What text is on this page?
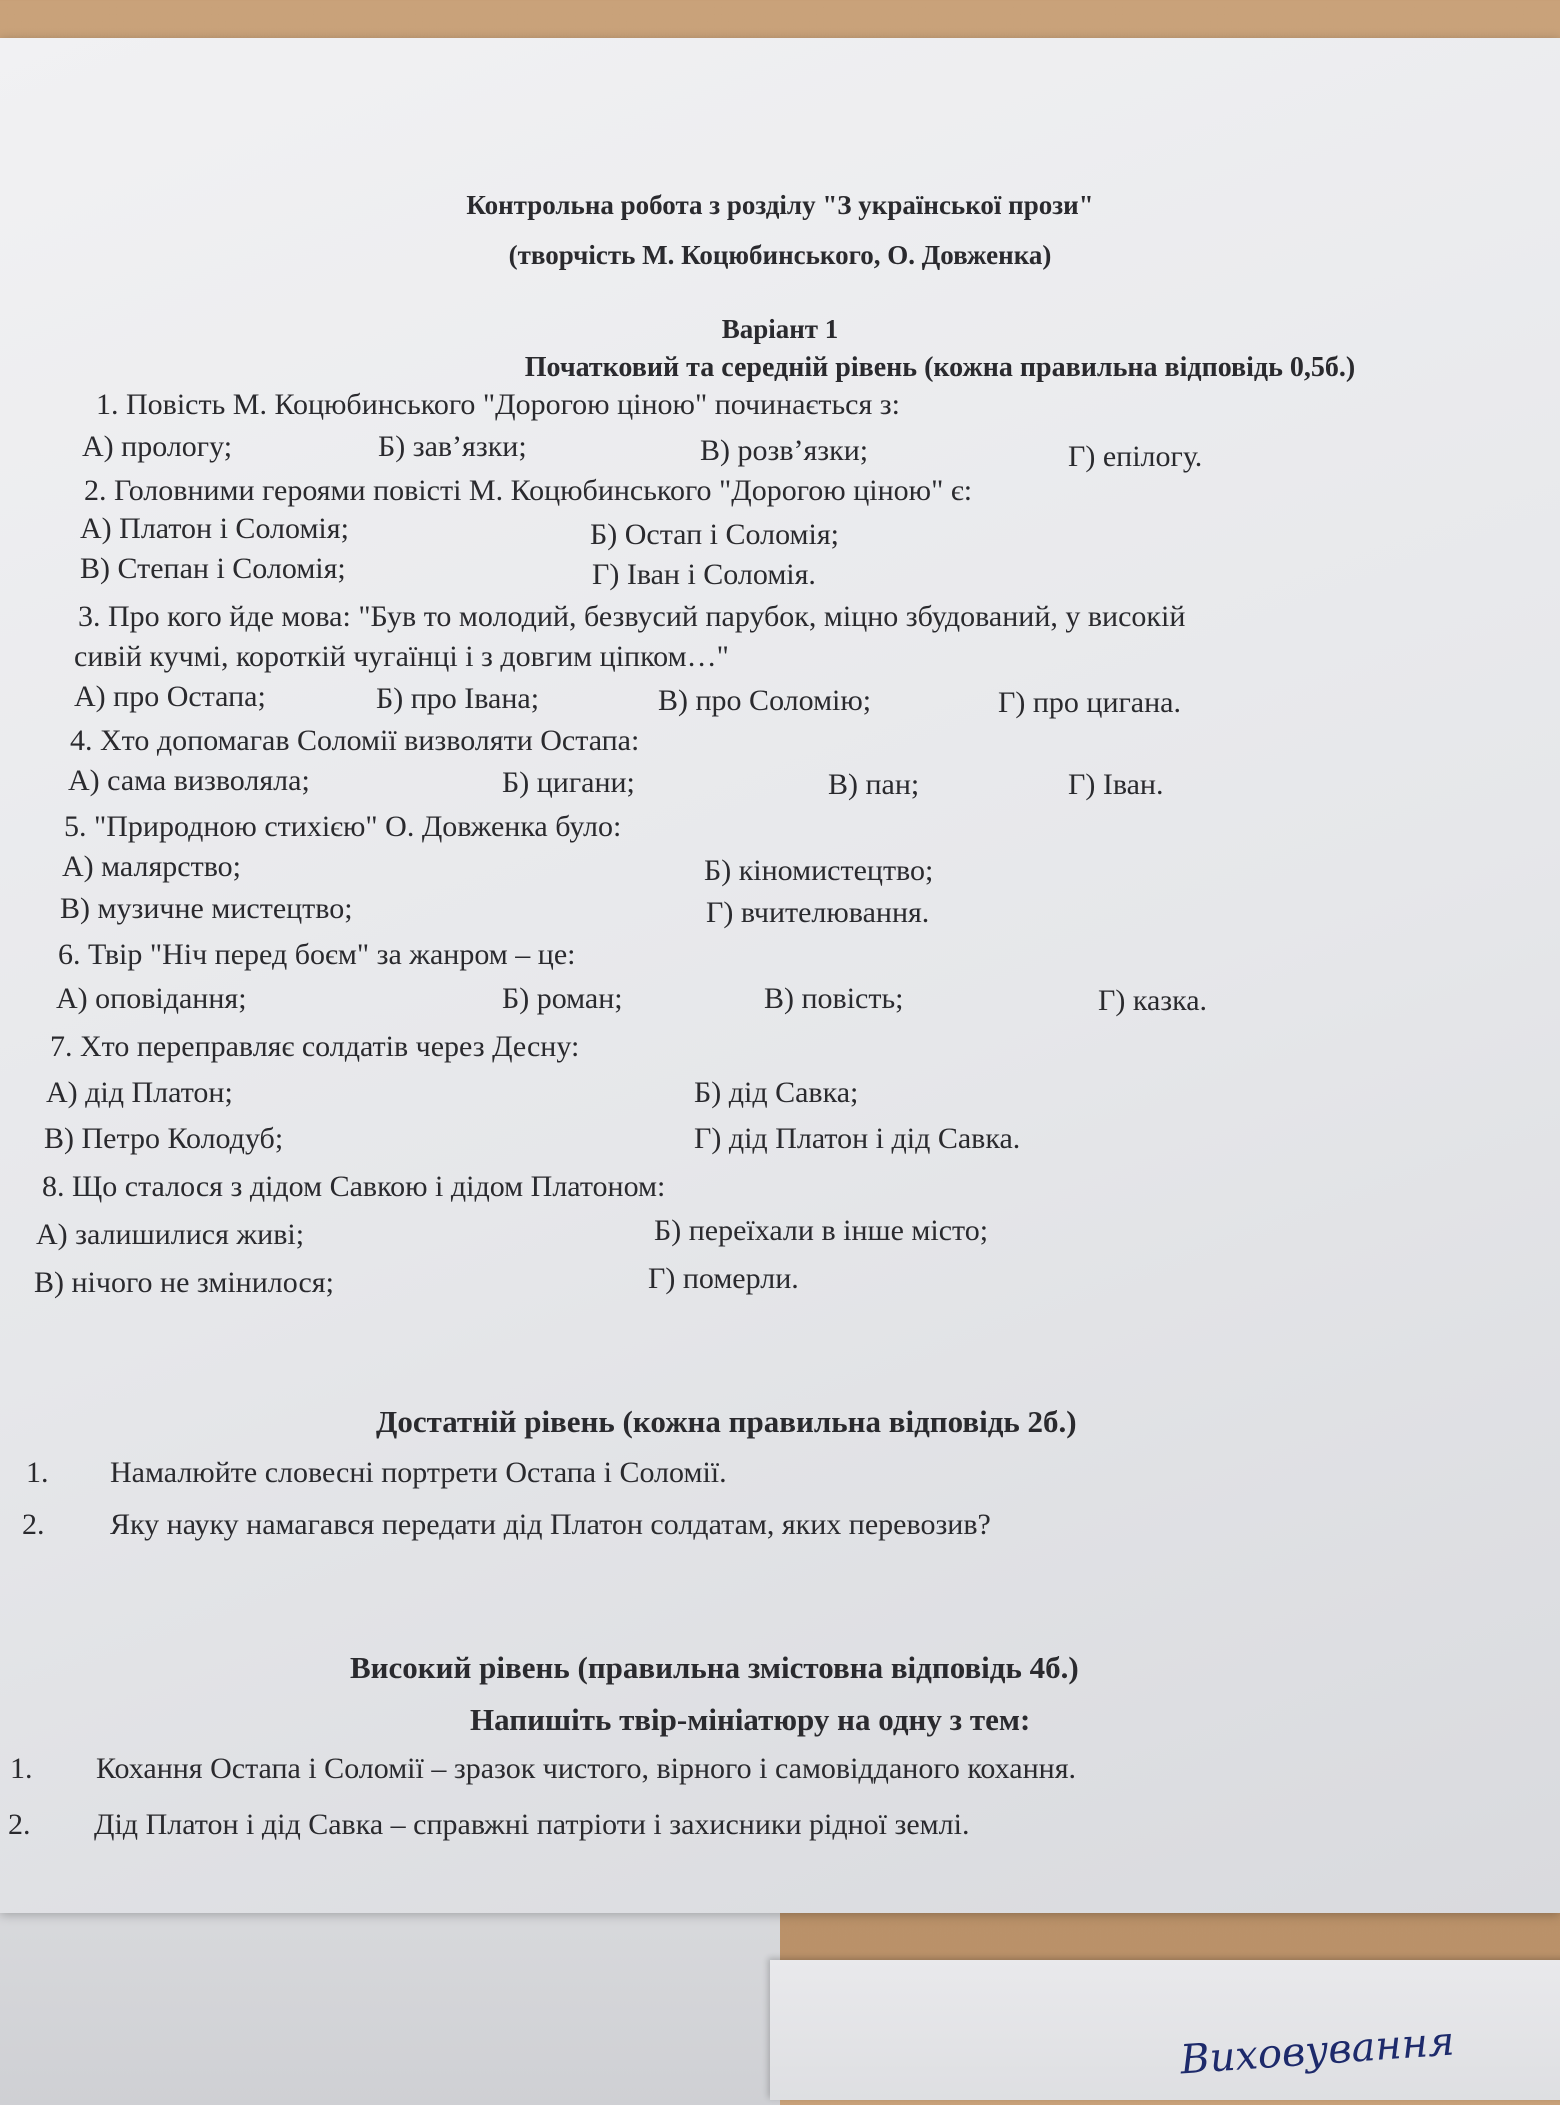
Контрольна робота з розділу "З української прози"
(творчість М. Коцюбинського, О. Довженка)
Варіант 1
Початковий та середній рівень (кожна правильна відповідь 0,5б.)
1. Повість М. Коцюбинського "Дорогою ціною" починається з:
А) прологу;	Б) зав’язки;	В) розв’язки;	Г) епілогу.
2. Головними героями повісті М. Коцюбинського "Дорогою ціною" є:
А) Платон і Соломія;	Б) Остап і Соломія;
В) Степан і Соломія;	Г) Іван і Соломія.
3. Про кого йде мова: "Був то молодий, безвусий парубок, міцно збудований, у високій
сивій кучмі, короткій чугаїнці і з довгим ціпком…"
А) про Остапа;	Б) про Івана;	В) про Соломію;	Г) про цигана.
4. Хто допомагав Соломії визволяти Остапа:
А) сама визволяла;	Б) цигани;	В) пан;	Г) Іван.
5. "Природною стихією" О. Довженка було:
А) малярство;	Б) кіномистецтво;
В) музичне мистецтво;	Г) вчителювання.
6. Твір "Ніч перед боєм" за жанром – це:
А) оповідання;	Б) роман;	В) повість;	Г) казка.
7. Хто переправляє солдатів через Десну:
А) дід Платон;	Б) дід Савка;
В) Петро Колодуб;	Г) дід Платон і дід Савка.
8. Що сталося з дідом Савкою і дідом Платоном:
А) залишилися живі;	Б) переїхали в інше місто;
В) нічого не змінилося;	Г) померли.
Достатній рівень (кожна правильна відповідь 2б.)
1. Намалюйте словесні портрети Остапа і Соломії.
2. Яку науку намагався передати дід Платон солдатам, яких перевозив?
Високий рівень (правильна змістовна відповідь 4б.)
Напишіть твір-мініатюру на одну з тем:
1. Кохання Остапа і Соломії – зразок чистого, вірного і самовідданого кохання.
2. Дід Платон і дід Савка – справжні патріоти і захисники рідної землі.
Виховування
